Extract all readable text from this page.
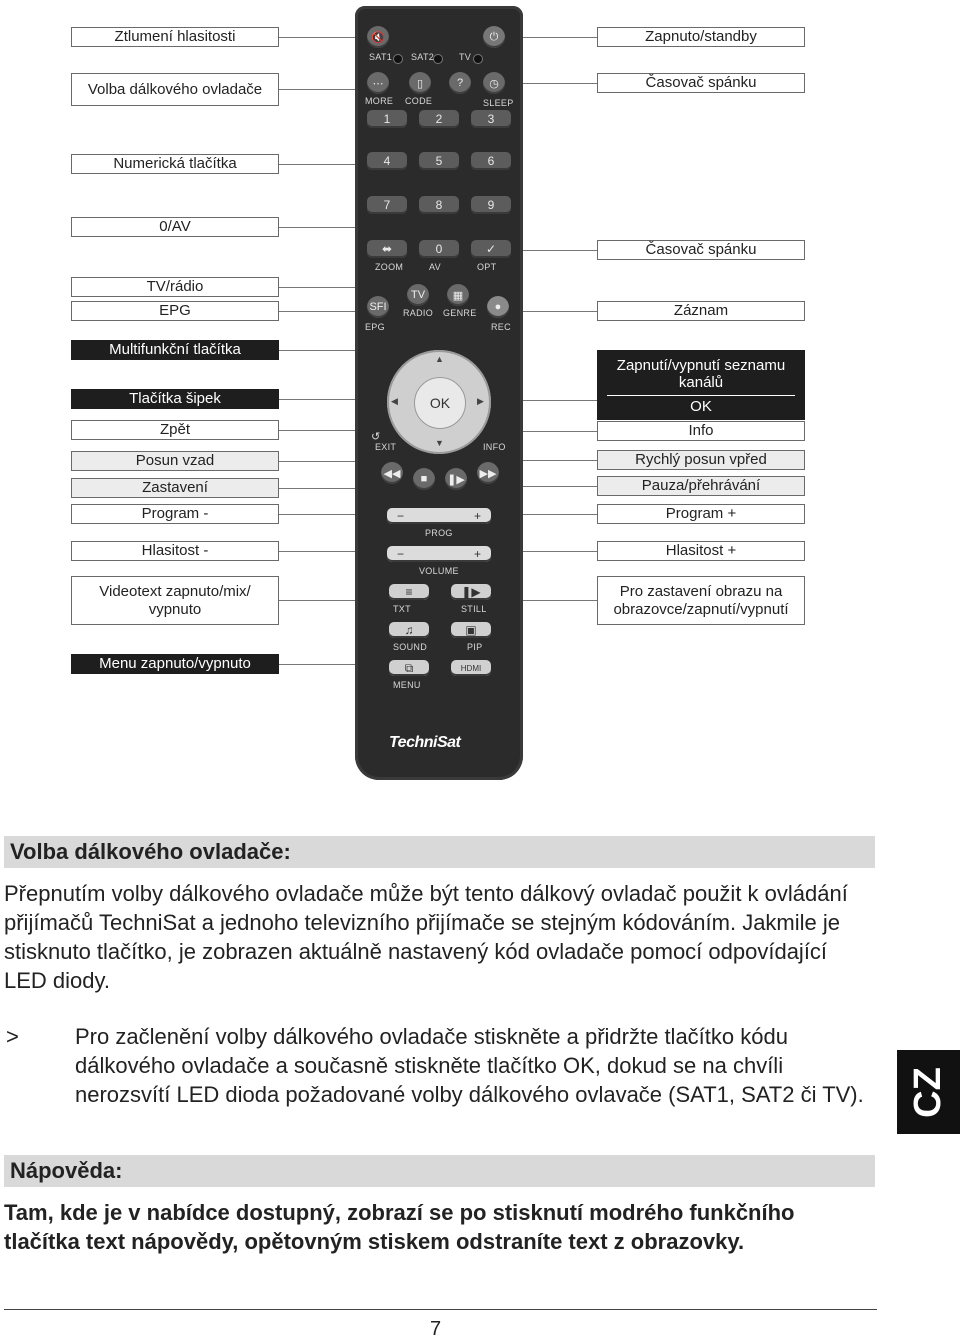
Ztlumení hlasitosti
Volba dálkového ovladače
Numerická tlačítka
0/AV
TV/rádio
EPG
Multifunkční tlačítka
Tlačítka šipek
Zpět
Posun vzad
Zastavení
Program -
Hlasitost -
Videotext zapnuto/mix/ vypnuto
Menu zapnuto/vypnuto
Zapnuto/standby
Časovač spánku
Časovač spánku
Záznam
Zapnutí/vypnutí seznamu kanálů
OK
Info
Rychlý posun vpřed
Pauza/přehrávání
Program +
Hlasitost +
Pro zastavení obrazu na obrazovce/zapnutí/vypnutí
🔇	⏻
SAT1 SAT2	TV
⋯	▯	?	◷
MORE CODE	SLEEP
1	2	3
4	5	6
7	8	9
⬌	0	✓
ZOOM	AV	OPT
SFI
TV	▦
●
EPG
RADIO GENRE
REC
▲
▼
◀	▶
OK
↺
EXIT	INFO
◀◀	■	❚▶ ▶▶
−	+
PROG
−	+
VOLUME
≡	❚▶
TXT	STILL
♫	▣
SOUND	PIP
⧉	HDMI
MENU
TechniSat
Volba dálkového ovladače:
Přepnutím volby dálkového ovladače může být tento dálkový ovladač použit k ovládání přijímačů TechniSat a jednoho televizního přijímače se stejným kódováním. Jakmile je stisknuto tlačítko, je zobrazen aktuálně nastavený kód ovladače pomocí odpovídající LED diody.
>	Pro začlenění volby dálkového ovladače stiskněte a přidržte tlačítko kódu dálkového ovladače a současně stiskněte tlačítko OK, dokud se na chvíli nerozsvítí LED dioda požadované volby dálkového ovlavače (SAT1, SAT2 či TV).
Nápověda:
Tam, kde je v nabídce dostupný, zobrazí se po stisknutí modrého funkčního tlačítka text nápovědy, opětovným stiskem odstraníte text z obrazovky.
CZ
7
